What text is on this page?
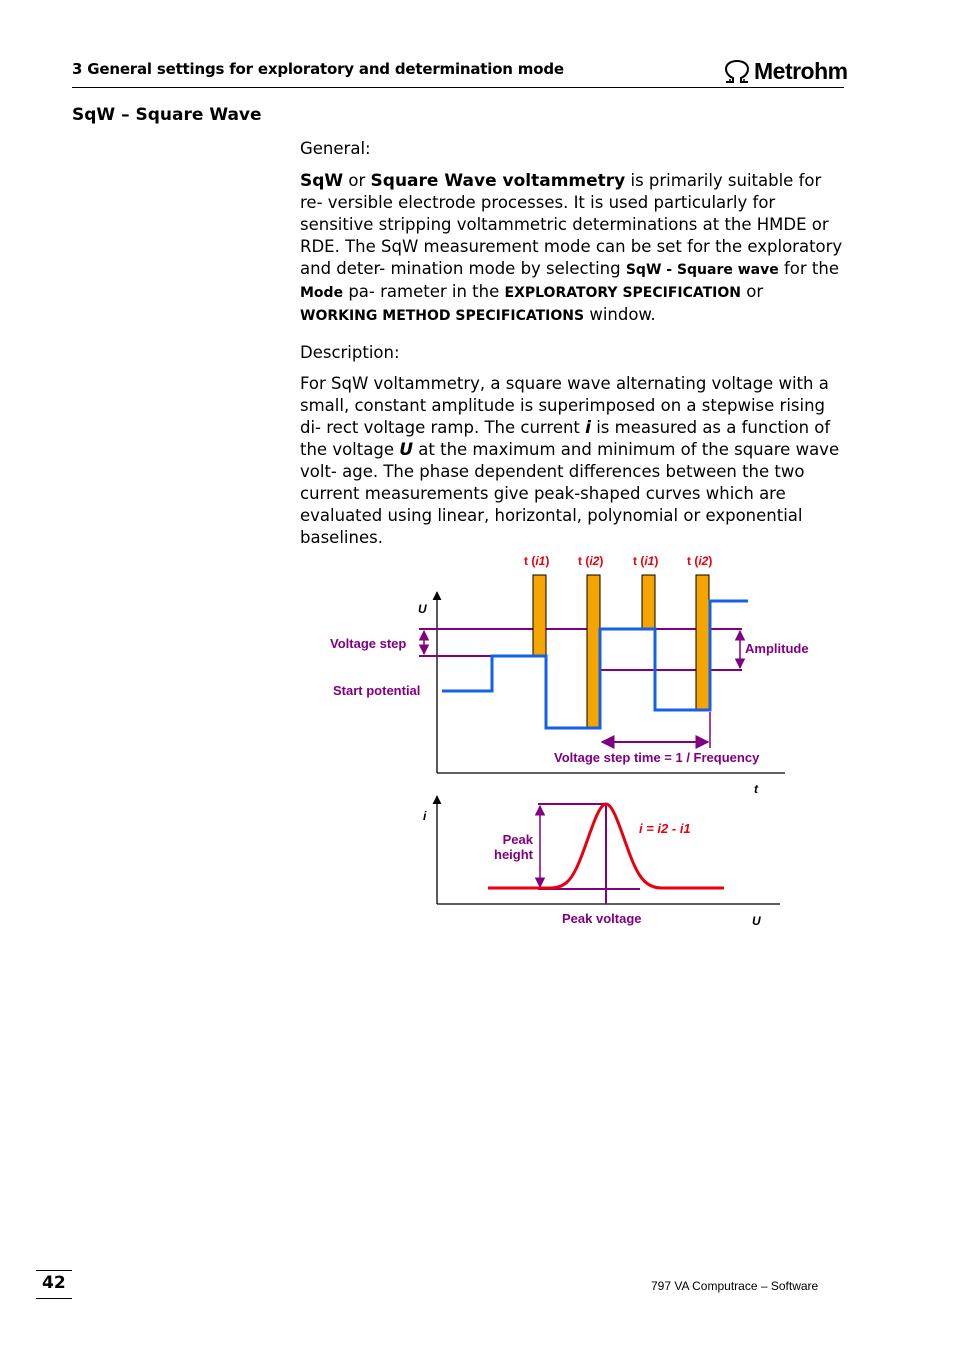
3 General settings for exploratory and determination mode	Metrohm
SqW – Square Wave
General:
SqW or Square Wave voltammetry is primarily suitable for re- versible electrode processes. It is used particularly for sensitive stripping voltammetric determinations at the HMDE or RDE. The SqW measurement mode can be set for the exploratory and deter- mination mode by selecting SqW - Square wave for the Mode pa- rameter in the EXPLORATORY SPECIFICATION or WORKING METHOD SPECIFICATIONS window.
Description:
For SqW voltammetry, a square wave alternating voltage with a small, constant amplitude is superimposed on a stepwise rising di- rect voltage ramp. The current i is measured as a function of the voltage U at the maximum and minimum of the square wave volt- age. The phase dependent differences between the two current measurements give peak-shaped curves which are evaluated using linear, horizontal, polynomial or exponential baselines.
U
t
t (i1) t (i2) t (i1) t (i2)
Voltage step
Start potential
Amplitude
Voltage step time = 1 / Frequency
i
U
Peak
height
Peak voltage
i = i2 - i1
42	797 VA Computrace – Software
